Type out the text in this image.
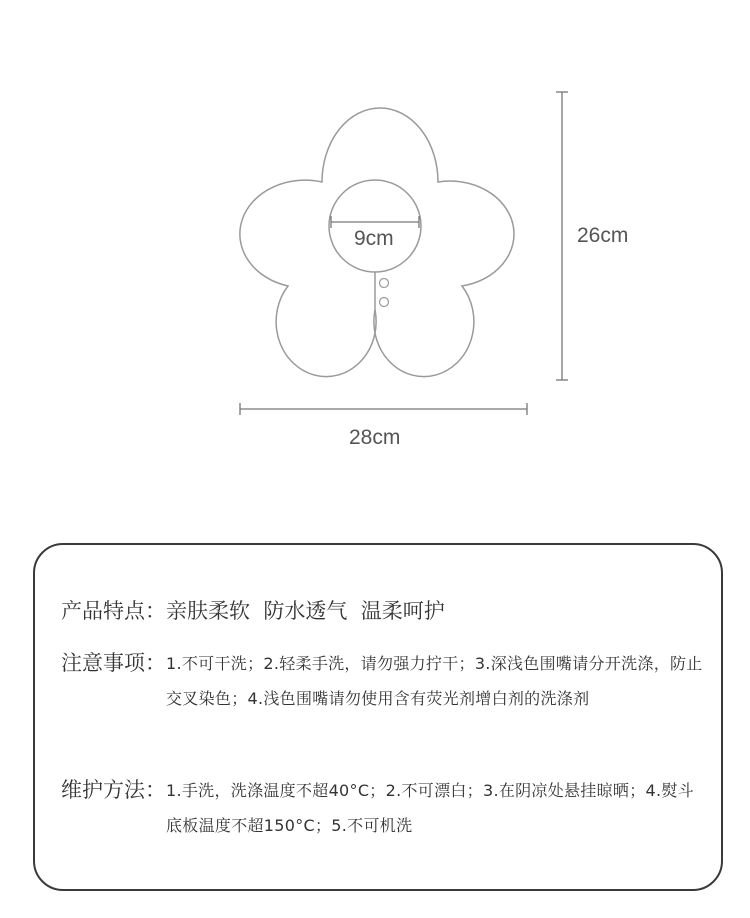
9cm	26cm
28cm
产品特点： 亲肤柔软  防水透气  温柔呵护
注意事项： 1.不可干洗；2.轻柔手洗，请勿强力拧干；3.深浅色围嘴请分开洗涤，防止交叉染色；4.浅色围嘴请勿使用含有荧光剂增白剂的洗涤剂
维护方法： 1.手洗，洗涤温度不超40°C；2.不可漂白；3.在阴凉处悬挂晾晒；4.熨斗底板温度不超150°C；5.不可机洗
